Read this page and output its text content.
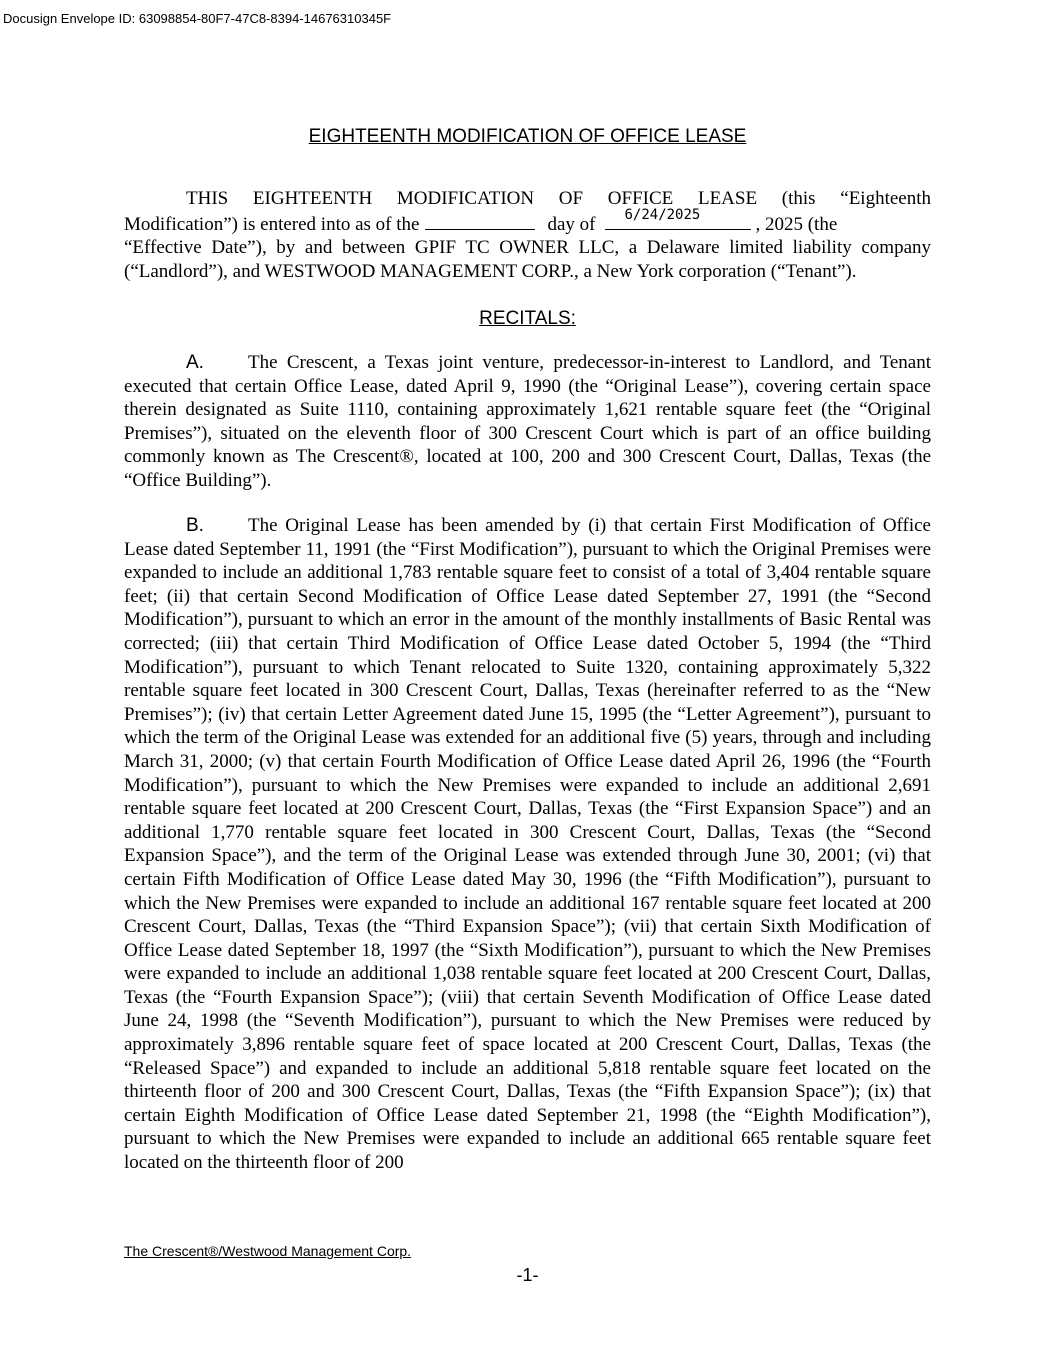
Docusign Envelope ID: 63098854-80F7-47C8-8394-14676310345F
EIGHTEENTH MODIFICATION OF OFFICE LEASE
THIS EIGHTEENTH MODIFICATION OF OFFICE LEASE (this “Eighteenth
Modification”) is entered into as of the	day of 6/24/2025	, 2025 (the
“Effective Date”), by and between GPIF TC OWNER LLC, a Delaware limited liability company (“Landlord”), and WESTWOOD MANAGEMENT CORP., a New York corporation (“Tenant”).
RECITALS:
A. The Crescent, a Texas joint venture, predecessor-in-interest to Landlord, and Tenant executed that certain Office Lease, dated April 9, 1990 (the “Original Lease”), covering certain space therein designated as Suite 1110, containing approximately 1,621 rentable square feet (the “Original Premises”), situated on the eleventh floor of 300 Crescent Court which is part of an office building commonly known as The Crescent®, located at 100, 200 and 300 Crescent Court, Dallas, Texas (the “Office Building”).
B. The Original Lease has been amended by (i) that certain First Modification of Office Lease dated September 11, 1991 (the “First Modification”), pursuant to which the Original Premises were expanded to include an additional 1,783 rentable square feet to consist of a total of 3,404 rentable square feet; (ii) that certain Second Modification of Office Lease dated September 27, 1991 (the “Second Modification”), pursuant to which an error in the amount of the monthly installments of Basic Rental was corrected; (iii) that certain Third Modification of Office Lease dated October 5, 1994 (the “Third Modification”), pursuant to which Tenant relocated to Suite 1320, containing approximately 5,322 rentable square feet located in 300 Crescent Court, Dallas, Texas (hereinafter referred to as the “New Premises”); (iv) that certain Letter Agreement dated June 15, 1995 (the “Letter Agreement”), pursuant to which the term of the Original Lease was extended for an additional five (5) years, through and including March 31, 2000; (v) that certain Fourth Modification of Office Lease dated April 26, 1996 (the “Fourth Modification”), pursuant to which the New Premises were expanded to include an additional 2,691 rentable square feet located at 200 Crescent Court, Dallas, Texas (the “First Expansion Space”) and an additional 1,770 rentable square feet located in 300 Crescent Court, Dallas, Texas (the “Second Expansion Space”), and the term of the Original Lease was extended through June 30, 2001; (vi) that certain Fifth Modification of Office Lease dated May 30, 1996 (the “Fifth Modification”), pursuant to which the New Premises were expanded to include an additional 167 rentable square feet located at 200 Crescent Court, Dallas, Texas (the “Third Expansion Space”); (vii) that certain Sixth Modification of Office Lease dated September 18, 1997 (the “Sixth Modification”), pursuant to which the New Premises were expanded to include an additional 1,038 rentable square feet located at 200 Crescent Court, Dallas, Texas (the “Fourth Expansion Space”); (viii) that certain Seventh Modification of Office Lease dated June 24, 1998 (the “Seventh Modification”), pursuant to which the New Premises were reduced by approximately 3,896 rentable square feet of space located at 200 Crescent Court, Dallas, Texas (the “Released Space”) and expanded to include an additional 5,818 rentable square feet located on the thirteenth floor of 200 and 300 Crescent Court, Dallas, Texas (the “Fifth Expansion Space”); (ix) that certain Eighth Modification of Office Lease dated September 21, 1998 (the “Eighth Modification”), pursuant to which the New Premises were expanded to include an additional 665 rentable square feet located on the thirteenth floor of 200
The Crescent®/Westwood Management Corp.
-1-
